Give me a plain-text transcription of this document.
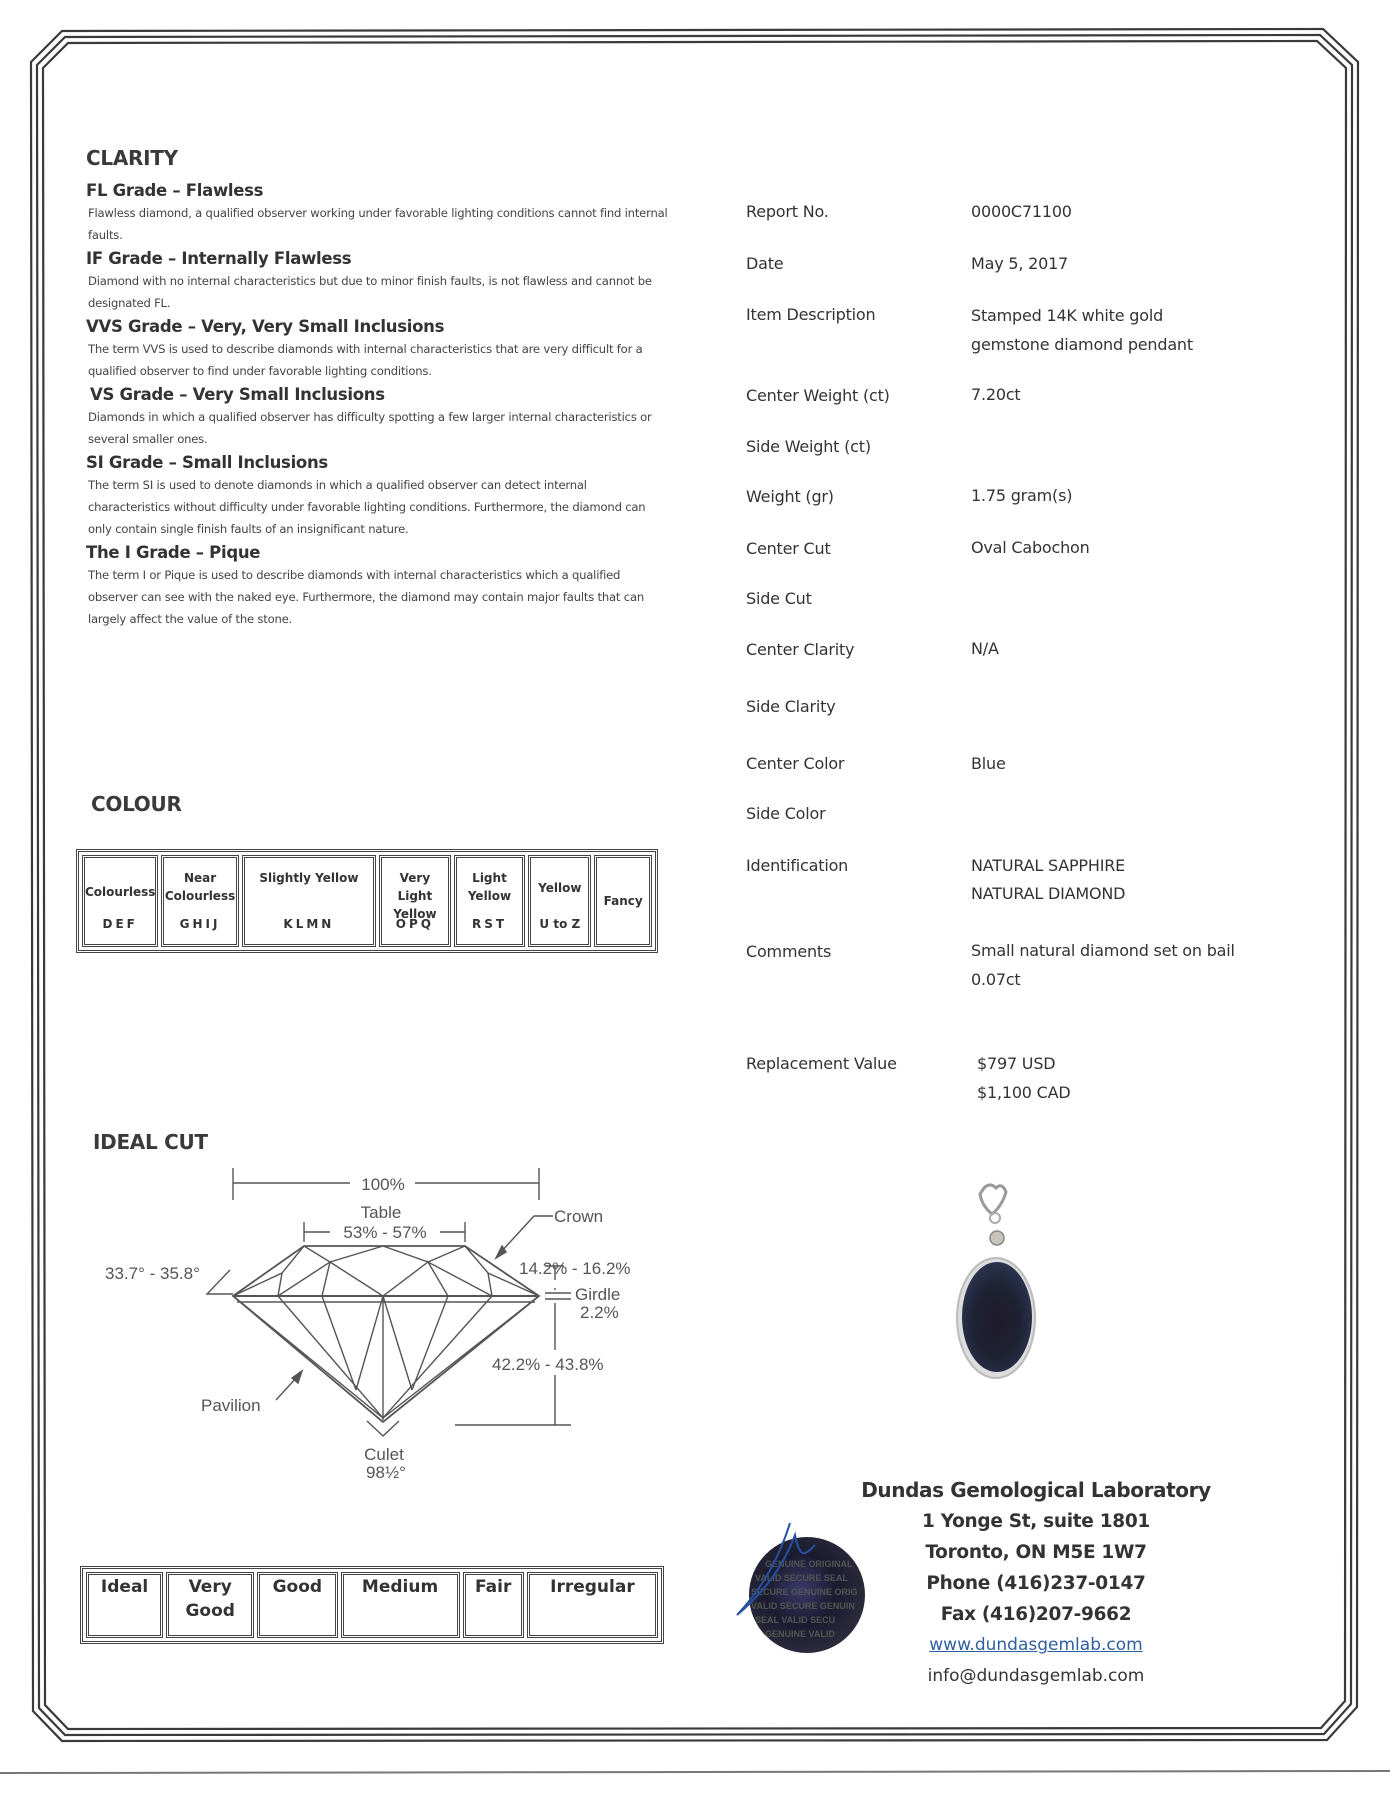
CLARITY

FL Grade – Flawless

Flawless diamond, a qualified observer working under favorable lighting conditions cannot find internal faults.

IF Grade – Internally Flawless

Diamond with no internal characteristics but due to minor finish faults, is not flawless and cannot be designated FL.

VVS Grade – Very, Very Small Inclusions

The term VVS is used to describe diamonds with internal characteristics that are very difficult for a qualified observer to find under favorable lighting conditions.

VS Grade – Very Small Inclusions

Diamonds in which a qualified observer has difficulty spotting a few larger internal characteristics or several smaller ones.

SI Grade – Small Inclusions

The term SI is used to denote diamonds in which a qualified observer can detect internal characteristics without difficulty under favorable lighting conditions. Furthermore, the diamond can only contain single finish faults of an insignificant nature.

The I Grade – Pique

The term I or Pique is used to describe diamonds with internal characteristics which a qualified observer can see with the naked eye. Furthermore, the diamond may contain major faults that can largely affect the value of the stone.

COLOUR
Colourless
DEF

Near Colourless
GHIJ

Slightly Yellow
KLMN

Very Light Yellow
OPQ

Light Yellow
RST

Yellow
U to Z
	Fancy
IDEAL CUT
100%
Table
53% - 57%
Crown
14.2% - 16.2%
Girdle
2.2%
42.2% - 43.8%
33.7° - 35.8°
Pavilion
Culet
98½°
Ideal	Very Good	Good	Medium	Fair	Irregular
Report No.	0000C71100
Date	May 5, 2017
Item Description	Stamped 14K white gold
gemstone diamond pendant
Center Weight (ct)	7.20ct
Side Weight (ct)
Weight (gr)	1.75 gram(s)
Center Cut	Oval Cabochon
Side Cut
Center Clarity	N/A
Side Clarity
Center Color	Blue
Side Color
Identification	NATURAL SAPPHIRE
NATURAL DIAMOND
Comments	Small natural diamond set on bail
0.07ct
Replacement Value	$797 USD
$1,100 CAD
GENUINE ORIGINAL
VALID SECURE SEAL
SECURE GENUINE ORIG
VALID SECURE GENUIN
SEAL VALID SECU
GENUINE VALID
Dundas Gemological Laboratory
1 Yonge St, suite 1801
Toronto, ON M5E 1W7
Phone (416)237-0147
Fax (416)207-9662
www.dundasgemlab.com
info@dundasgemlab.com
